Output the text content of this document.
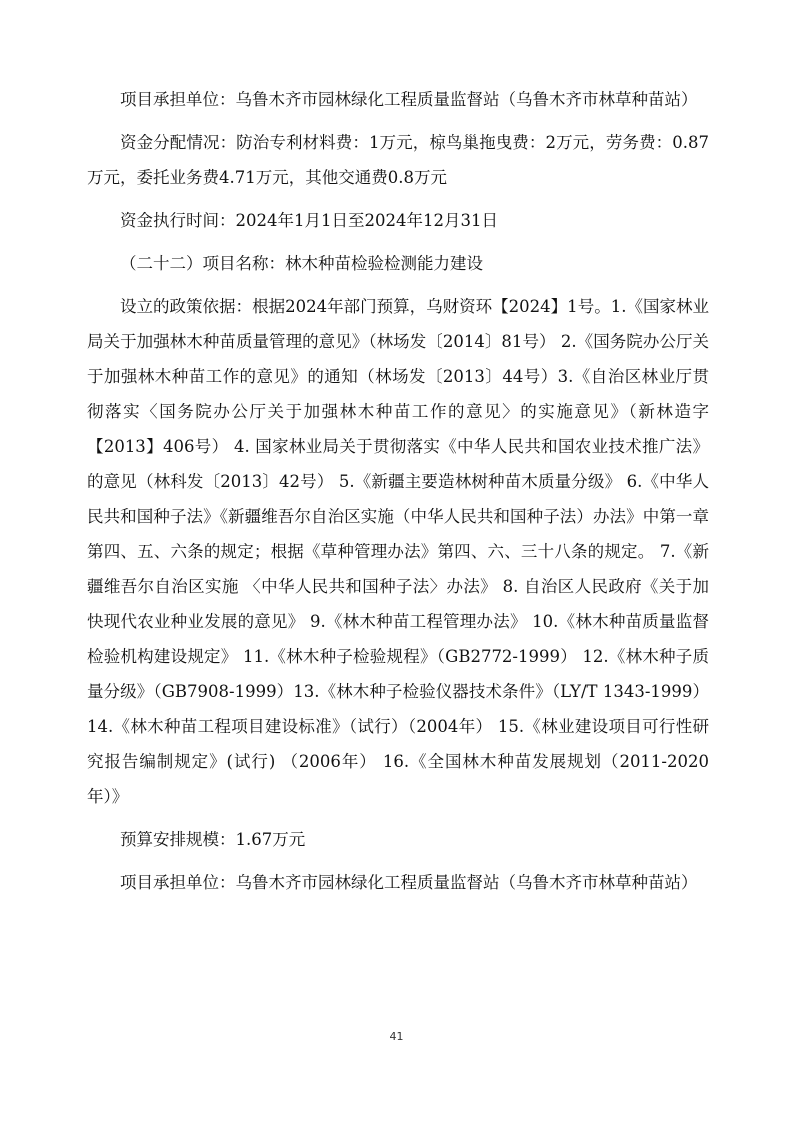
项目承担单位：乌鲁木齐市园林绿化工程质量监督站（乌鲁木齐市林草种苗站）

资金分配情况：防治专利材料费：1万元，椋鸟巢拖曳费：2万元，劳务费：0.87万元，委托业务费4.71万元，其他交通费0.8万元

资金执行时间：2024年1月1日至2024年12月31日

（二十二）项目名称：林木种苗检验检测能力建设

设立的政策依据：根据2024年部门预算，乌财资环【2024】1号。1.《国家林业局关于加强林木种苗质量管理的意见》（林场发〔2014〕81号） 2.《国务院办公厅关于加强林木种苗工作的意见》的通知（林场发〔2013〕44号）3.《自治区林业厅贯彻落实〈国务院办公厅关于加强林木种苗工作的意见〉的实施意见》（新林造字【2013】406号） 4. 国家林业局关于贯彻落实《中华人民共和国农业技术推广法》的意见（林科发〔2013〕42号） 5.《新疆主要造林树种苗木质量分级》 6.《中华人民共和国种子法》《新疆维吾尔自治区实施（中华人民共和国种子法）办法》中第一章第四、五、六条的规定；根据《草种管理办法》第四、六、三十八条的规定。 7.《新疆维吾尔自治区实施 〈中华人民共和国种子法〉办法》 8. 自治区人民政府《关于加快现代农业种业发展的意见》 9.《林木种苗工程管理办法》 10.《林木种苗质量监督检验机构建设规定》 11.《林木种子检验规程》（GB2772-1999） 12.《林木种子质量分级》（GB7908-1999）13.《林木种子检验仪器技术条件》（LY/T 1343-1999）14.《林木种苗工程项目建设标准》（试行）（2004年） 15.《林业建设项目可行性研究报告编制规定》(试行) （2006年） 16.《全国林木种苗发展规划（2011-2020年）》

预算安排规模：1.67万元

项目承担单位：乌鲁木齐市园林绿化工程质量监督站（乌鲁木齐市林草种苗站）

41
